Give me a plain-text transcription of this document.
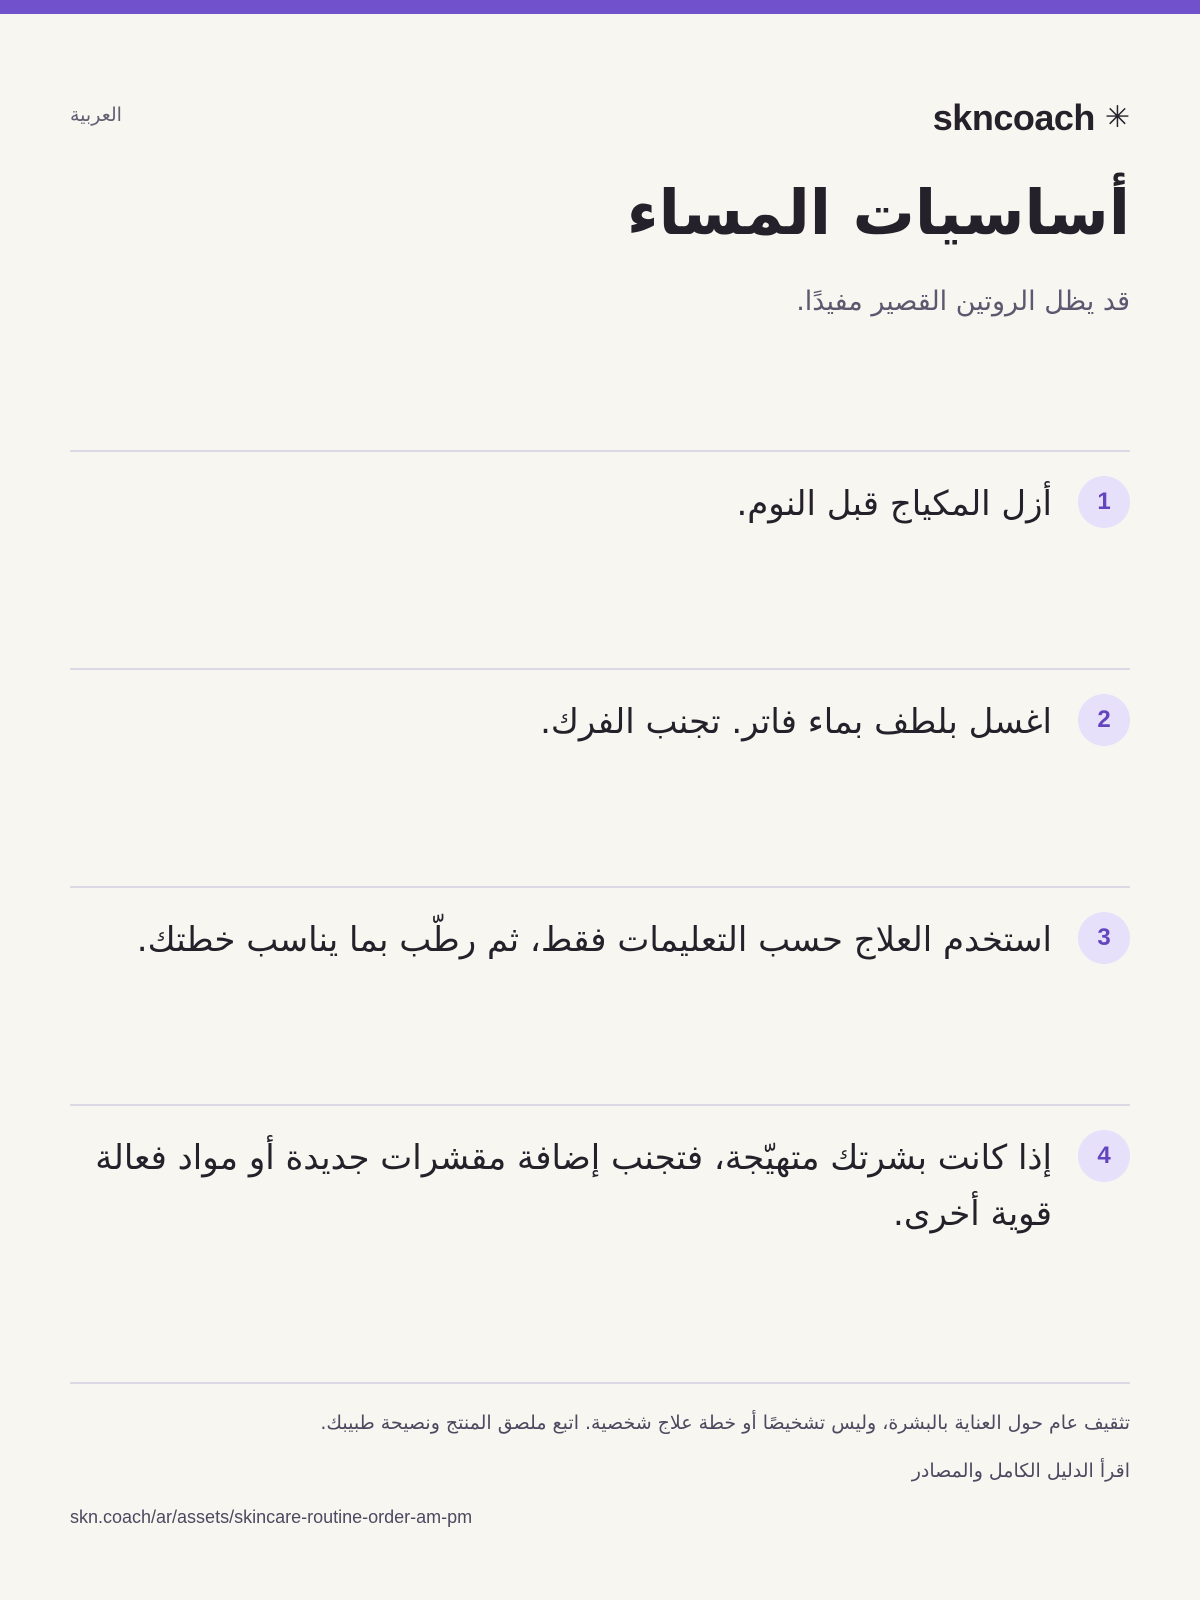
skncoach ✳
العربية
أساسيات المساء

قد يظل الروتين القصير مفيدًا.

1

أزل المكياج قبل النوم.

2

اغسل بلطف بماء فاتر. تجنب الفرك.

3

استخدم العلاج حسب التعليمات فقط، ثم رطّب بما يناسب خطتك.

4

إذا كانت بشرتك متهيّجة، فتجنب إضافة مقشرات جديدة أو مواد فعالة قوية أخرى.

تثقيف عام حول العناية بالبشرة، وليس تشخيصًا أو خطة علاج شخصية. اتبع ملصق المنتج ونصيحة طبيبك.

اقرأ الدليل الكامل والمصادر
skn.coach/ar/assets/skincare-routine-order-am-pm
